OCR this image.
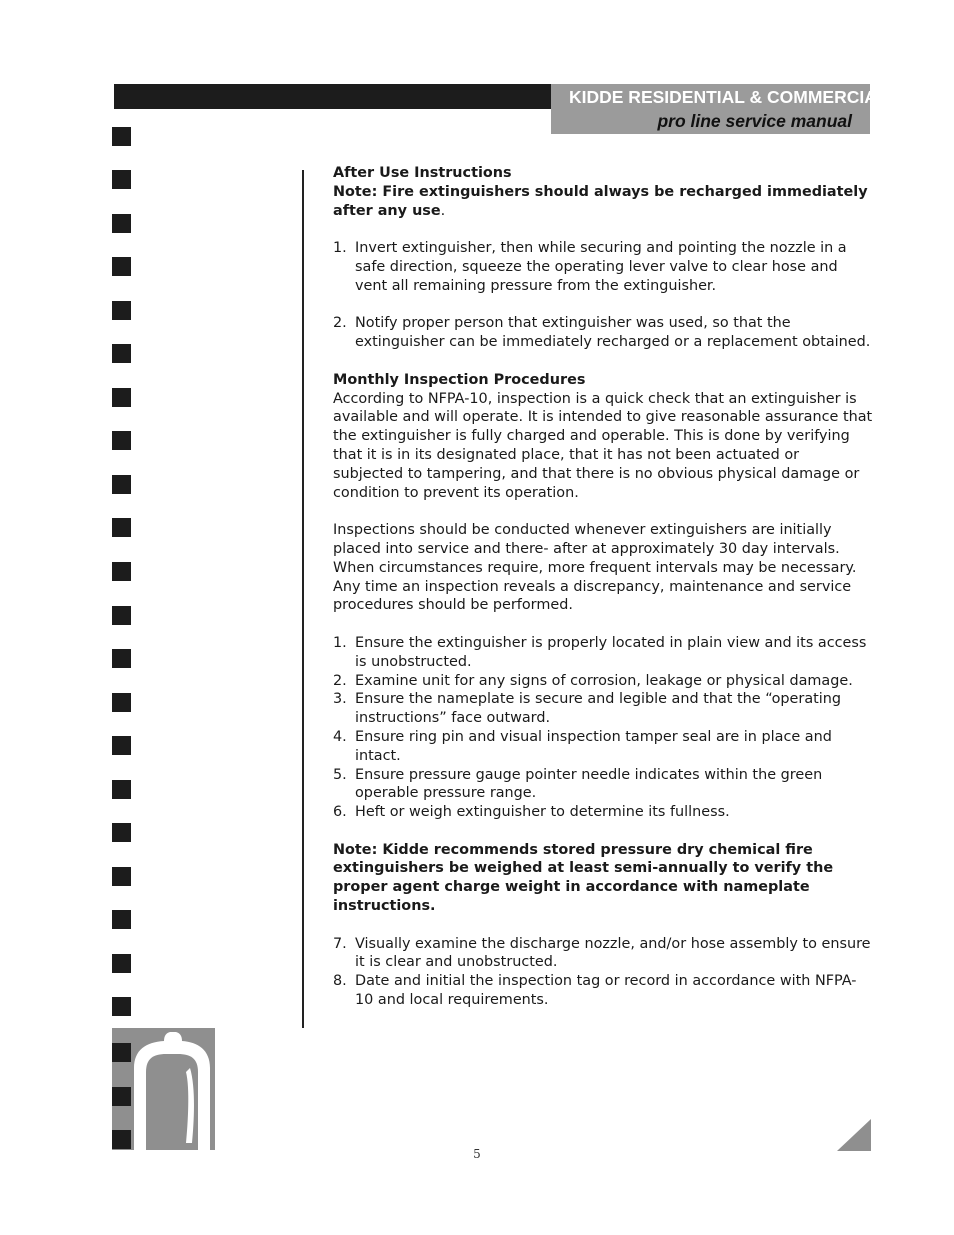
KIDDE RESIDENTIAL & COMMERCIAL
pro line service manual

After Use Instructions

Note: Fire extinguishers should always be recharged immediately after any use.

1. Invert extinguisher, then while securing and pointing the nozzle in a safe direction, squeeze the operating lever valve to clear hose and vent all remaining pressure from the extinguisher.
2. Notify proper person that extinguisher was used, so that the extinguisher can be immediately recharged or a replacement obtained.

Monthly Inspection Procedures

According to NFPA-10, inspection is a quick check that an extinguisher is available and will operate. It is intended to give reasonable assurance that the extinguisher is fully charged and operable. This is done by verifying that it is in its designated place, that it has not been actuated or subjected to tampering, and that there is no obvious physical damage or condition to prevent its operation.

Inspections should be conducted whenever extinguishers are initially placed into service and there- after at approximately 30 day intervals. When circumstances require, more frequent intervals may be necessary. Any time an inspection reveals a discrepancy, maintenance and service procedures should be performed.

1. Ensure the extinguisher is properly located in plain view and its access is unobstructed.
2. Examine unit for any signs of corrosion, leakage or physical damage.
3. Ensure the nameplate is secure and legible and that the “operating instructions” face outward.
4. Ensure ring pin and visual inspection tamper seal are in place and intact.
5. Ensure pressure gauge pointer needle indicates within the green operable pressure range.
6. Heft or weigh extinguisher to determine its fullness.

Note: Kidde recommends stored pressure dry chemical fire extinguishers be weighed at least semi-annually to verify the proper agent charge weight in accordance with nameplate instructions.

7. Visually examine the discharge nozzle, and/or hose assembly to ensure it is clear and unobstructed.
8. Date and initial the inspection tag or record in accordance with NFPA-10 and local requirements.
5
